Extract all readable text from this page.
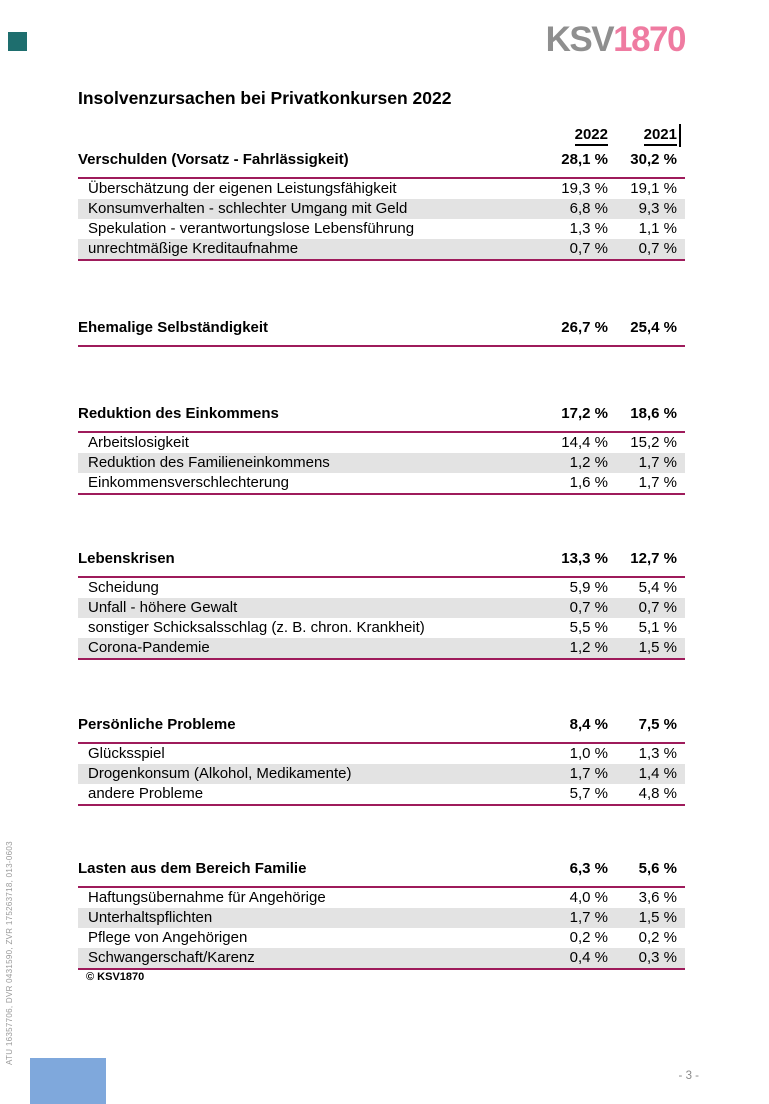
KSV1870
Insolvenzursachen bei Privatkonkursen 2022
2022 2021
Verschulden (Vorsatz - Fahrlässigkeit)	28,1 % 30,2 %
Überschätzung der eigenen Leistungsfähigkeit	19,3 % 19,1 %
Konsumverhalten - schlechter Umgang mit Geld	6,8 % 9,3 %
Spekulation - verantwortungslose Lebensführung	1,3 % 1,1 %
unrechtmäßige Kreditaufnahme	0,7 % 0,7 %
Ehemalige Selbständigkeit	26,7 % 25,4 %
Reduktion des Einkommens	17,2 % 18,6 %
Arbeitslosigkeit	14,4 % 15,2 %
Reduktion des Familieneinkommens	1,2 % 1,7 %
Einkommensverschlechterung	1,6 % 1,7 %
Lebenskrisen	13,3 % 12,7 %
Scheidung	5,9 % 5,4 %
Unfall - höhere Gewalt	0,7 % 0,7 %
sonstiger Schicksalsschlag (z. B. chron. Krankheit)	5,5 % 5,1 %
Corona-Pandemie	1,2 % 1,5 %
Persönliche Probleme	8,4 % 7,5 %
Glücksspiel	1,0 % 1,3 %
Drogenkonsum (Alkohol, Medikamente)	1,7 % 1,4 %
andere Probleme	5,7 % 4,8 %
Lasten aus dem Bereich Familie	6,3 % 5,6 %
Haftungsübernahme für Angehörige	4,0 % 3,6 %
Unterhaltspflichten	1,7 % 1,5 %
Pflege von Angehörigen	0,2 % 0,2 %
Schwangerschaft/Karenz	0,4 % 0,3 %
© KSV1870
ATU 16357706, DVR 0431590, ZVR 175263718, 013-0603
- 3 -
